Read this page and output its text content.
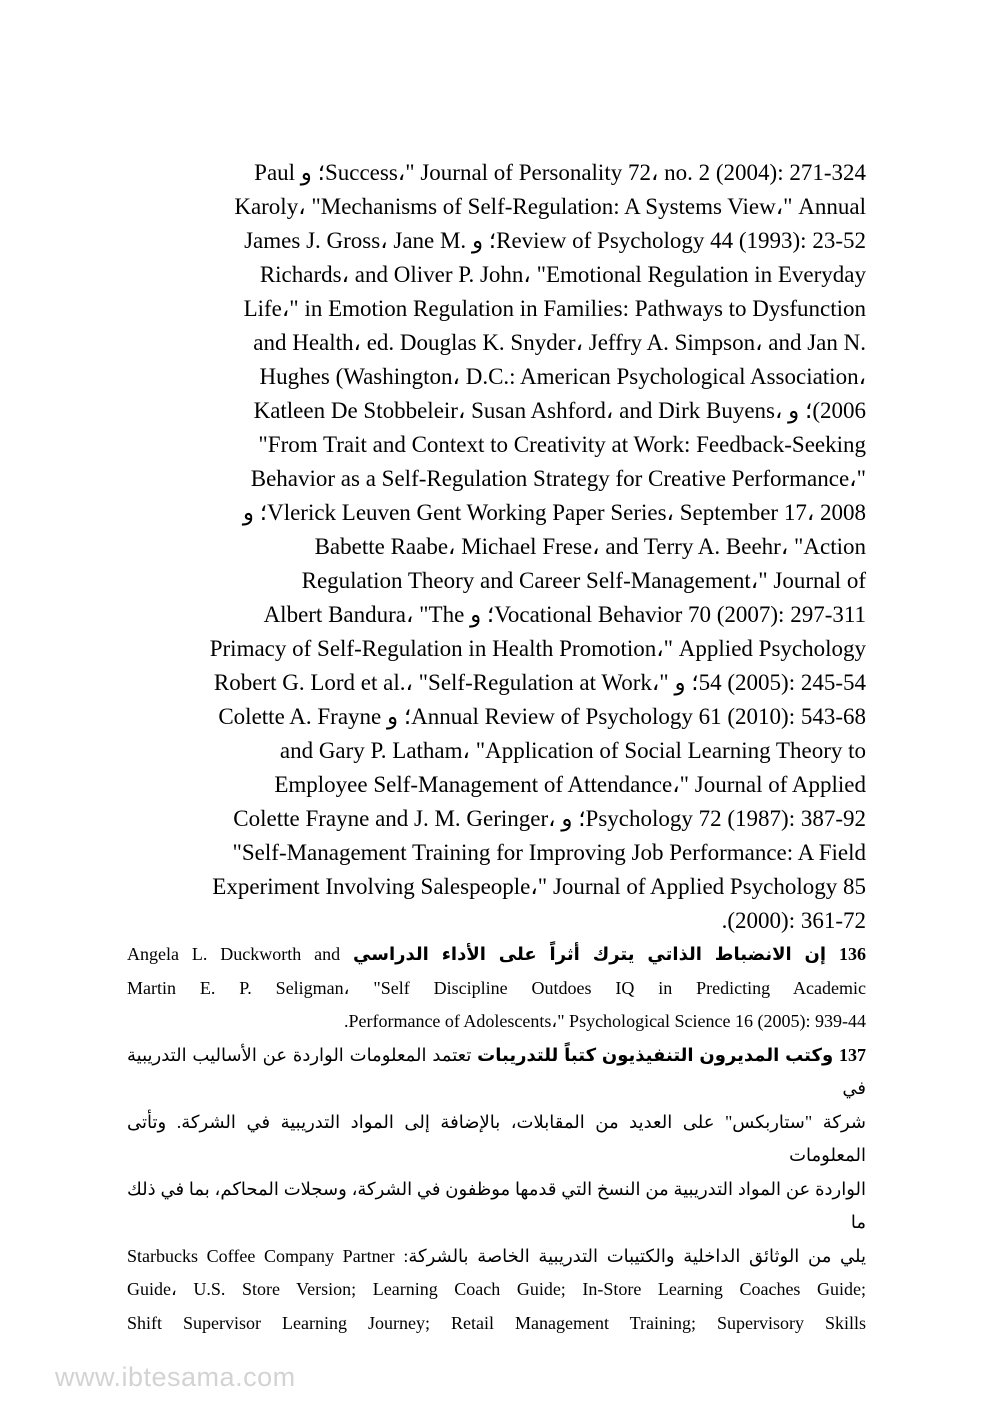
Success،" Journal of Personality 72، no. 2 (2004): 271-324؛ و Paul
Karoly، "Mechanisms of Self-Regulation: A Systems View،" Annual
Review of Psychology 44 (1993): 23-52؛ و James J. Gross، Jane M.
Richards، and Oliver P. John، "Emotional Regulation in Everyday
Life،" in Emotion Regulation in Families: Pathways to Dysfunction
and Health، ed. Douglas K. Snyder، Jeffry A. Simpson، and Jan N.
Hughes (Washington، D.C.: American Psychological Association،
(2006؛ و Katleen De Stobbeleir، Susan Ashford، and Dirk Buyens،
"From Trait and Context to Creativity at Work: Feedback-Seeking
Behavior as a Self-Regulation Strategy for Creative Performance،"
Vlerick Leuven Gent Working Paper Series، September 17، 2008؛ و
Babette Raabe، Michael Frese، and Terry A. Beehr، "Action
Regulation Theory and Career Self-Management،" Journal of
Vocational Behavior 70 (2007): 297-311؛ و Albert Bandura، "The
Primacy of Self-Regulation in Health Promotion،" Applied Psychology
54 (2005): 245-54؛ و Robert G. Lord et al.، "Self-Regulation at Work،"
Annual Review of Psychology 61 (2010): 543-68؛ و Colette A. Frayne
and Gary P. Latham، "Application of Social Learning Theory to
Employee Self-Management of Attendance،" Journal of Applied
Psychology 72 (1987): 387-92؛ و Colette Frayne and J. M. Geringer،
"Self-Management Training for Improving Job Performance: A Field
Experiment Involving Salespeople،" Journal of Applied Psychology 85
(2000): 361-72.
136 إن الانضباط الذاتي يترك أثراً على الأداء الدراسي Angela L. Duckworth and
Martin E. P. Seligman، "Self Discipline Outdoes IQ in Predicting Academic
Performance of Adolescents،" Psychological Science 16 (2005): 939-44.
137 وكتب المديرون التنفيذيون كتباً للتدريبات تعتمد المعلومات الواردة عن الأساليب التدريبية في
شركة "ستاربكس" على العديد من المقابلات، بالإضافة إلى المواد التدريبية في الشركة. وتأتى المعلومات
الواردة عن المواد التدريبية من النسخ التي قدمها موظفون في الشركة، وسجلات المحاكم، بما في ذلك ما
يلي من الوثائق الداخلية والكتيبات التدريبية الخاصة بالشركة: Starbucks Coffee Company Partner
Guide، U.S. Store Version; Learning Coach Guide; In-Store Learning Coaches Guide;
Shift Supervisor Learning Journey; Retail Management Training; Supervisory Skills
www.ibtesama.com
